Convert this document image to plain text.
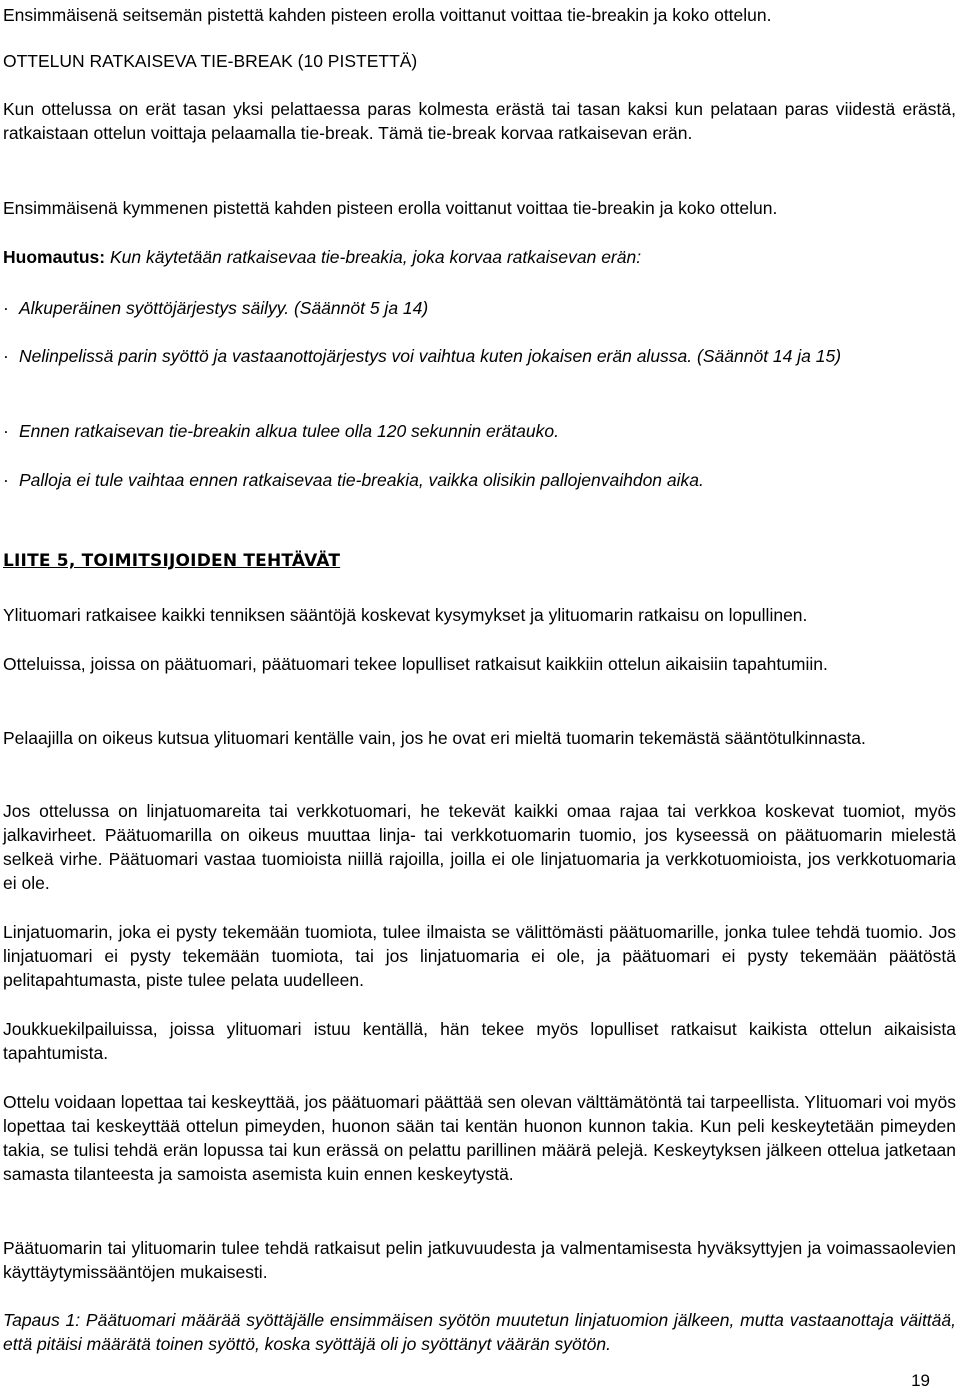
Ensimmäisenä seitsemän pistettä kahden pisteen erolla voittanut voittaa tie-breakin ja koko ottelun.

OTTELUN RATKAISEVA TIE-BREAK (10 PISTETTÄ)

Kun ottelussa on erät tasan yksi pelattaessa paras kolmesta erästä tai tasan kaksi kun pelataan paras viidestä erästä, ratkaistaan ottelun voittaja pelaamalla tie-break. Tämä tie-break korvaa ratkaisevan erän.

Ensimmäisenä kymmenen pistettä kahden pisteen erolla voittanut voittaa tie-breakin ja koko ottelun.

Huomautus: Kun käytetään ratkaisevaa tie-breakia, joka korvaa ratkaisevan erän:

· Alkuperäinen syöttöjärjestys säilyy. (Säännöt 5 ja 14)
· Nelinpelissä parin syöttö ja vastaanottojärjestys voi vaihtua kuten jokaisen erän alussa. (Säännöt 14 ja 15)
· Ennen ratkaisevan tie-breakin alkua tulee olla 120 sekunnin erätauko.
· Palloja ei tule vaihtaa ennen ratkaisevaa tie-breakia, vaikka olisikin pallojenvaihdon aika.

LIITE 5, TOIMITSIJOIDEN TEHTÄVÄT

Ylituomari ratkaisee kaikki tenniksen sääntöjä koskevat kysymykset ja ylituomarin ratkaisu on lopullinen.

Otteluissa, joissa on päätuomari, päätuomari tekee lopulliset ratkaisut kaikkiin ottelun aikaisiin tapahtumiin.

Pelaajilla on oikeus kutsua ylituomari kentälle vain, jos he ovat eri mieltä tuomarin tekemästä sääntötulkinnasta.

Jos ottelussa on linjatuomareita tai verkkotuomari, he tekevät kaikki omaa rajaa tai verkkoa koskevat tuomiot, myös jalkavirheet. Päätuomarilla on oikeus muuttaa linja- tai verkkotuomarin tuomio, jos kyseessä on päätuomarin mielestä selkeä virhe. Päätuomari vastaa tuomioista niillä rajoilla, joilla ei ole linjatuomaria ja verkkotuomioista, jos verkkotuomaria ei ole.

Linjatuomarin, joka ei pysty tekemään tuomiota, tulee ilmaista se välittömästi päätuomarille, jonka tulee tehdä tuomio. Jos linjatuomari ei pysty tekemään tuomiota, tai jos linjatuomaria ei ole, ja päätuomari ei pysty tekemään päätöstä pelitapahtumasta, piste tulee pelata uudelleen.

Joukkuekilpailuissa, joissa ylituomari istuu kentällä, hän tekee myös lopulliset ratkaisut kaikista ottelun aikaisista tapahtumista.

Ottelu voidaan lopettaa tai keskeyttää, jos päätuomari päättää sen olevan välttämätöntä tai tarpeellista. Ylituomari voi myös lopettaa tai keskeyttää ottelun pimeyden, huonon sään tai kentän huonon kunnon takia. Kun peli keskeytetään pimeyden takia, se tulisi tehdä erän lopussa tai kun erässä on pelattu parillinen määrä pelejä. Keskeytyksen jälkeen ottelua jatketaan samasta tilanteesta ja samoista asemista kuin ennen keskeytystä.

Päätuomarin tai ylituomarin tulee tehdä ratkaisut pelin jatkuvuudesta ja valmentamisesta hyväksyttyjen ja voimassaolevien käyttäytymissääntöjen mukaisesti.

Tapaus 1: Päätuomari määrää syöttäjälle ensimmäisen syötön muutetun linjatuomion jälkeen, mutta vastaanottaja väittää, että pitäisi määrätä toinen syöttö, koska syöttäjä oli jo syöttänyt väärän syötön.

19
